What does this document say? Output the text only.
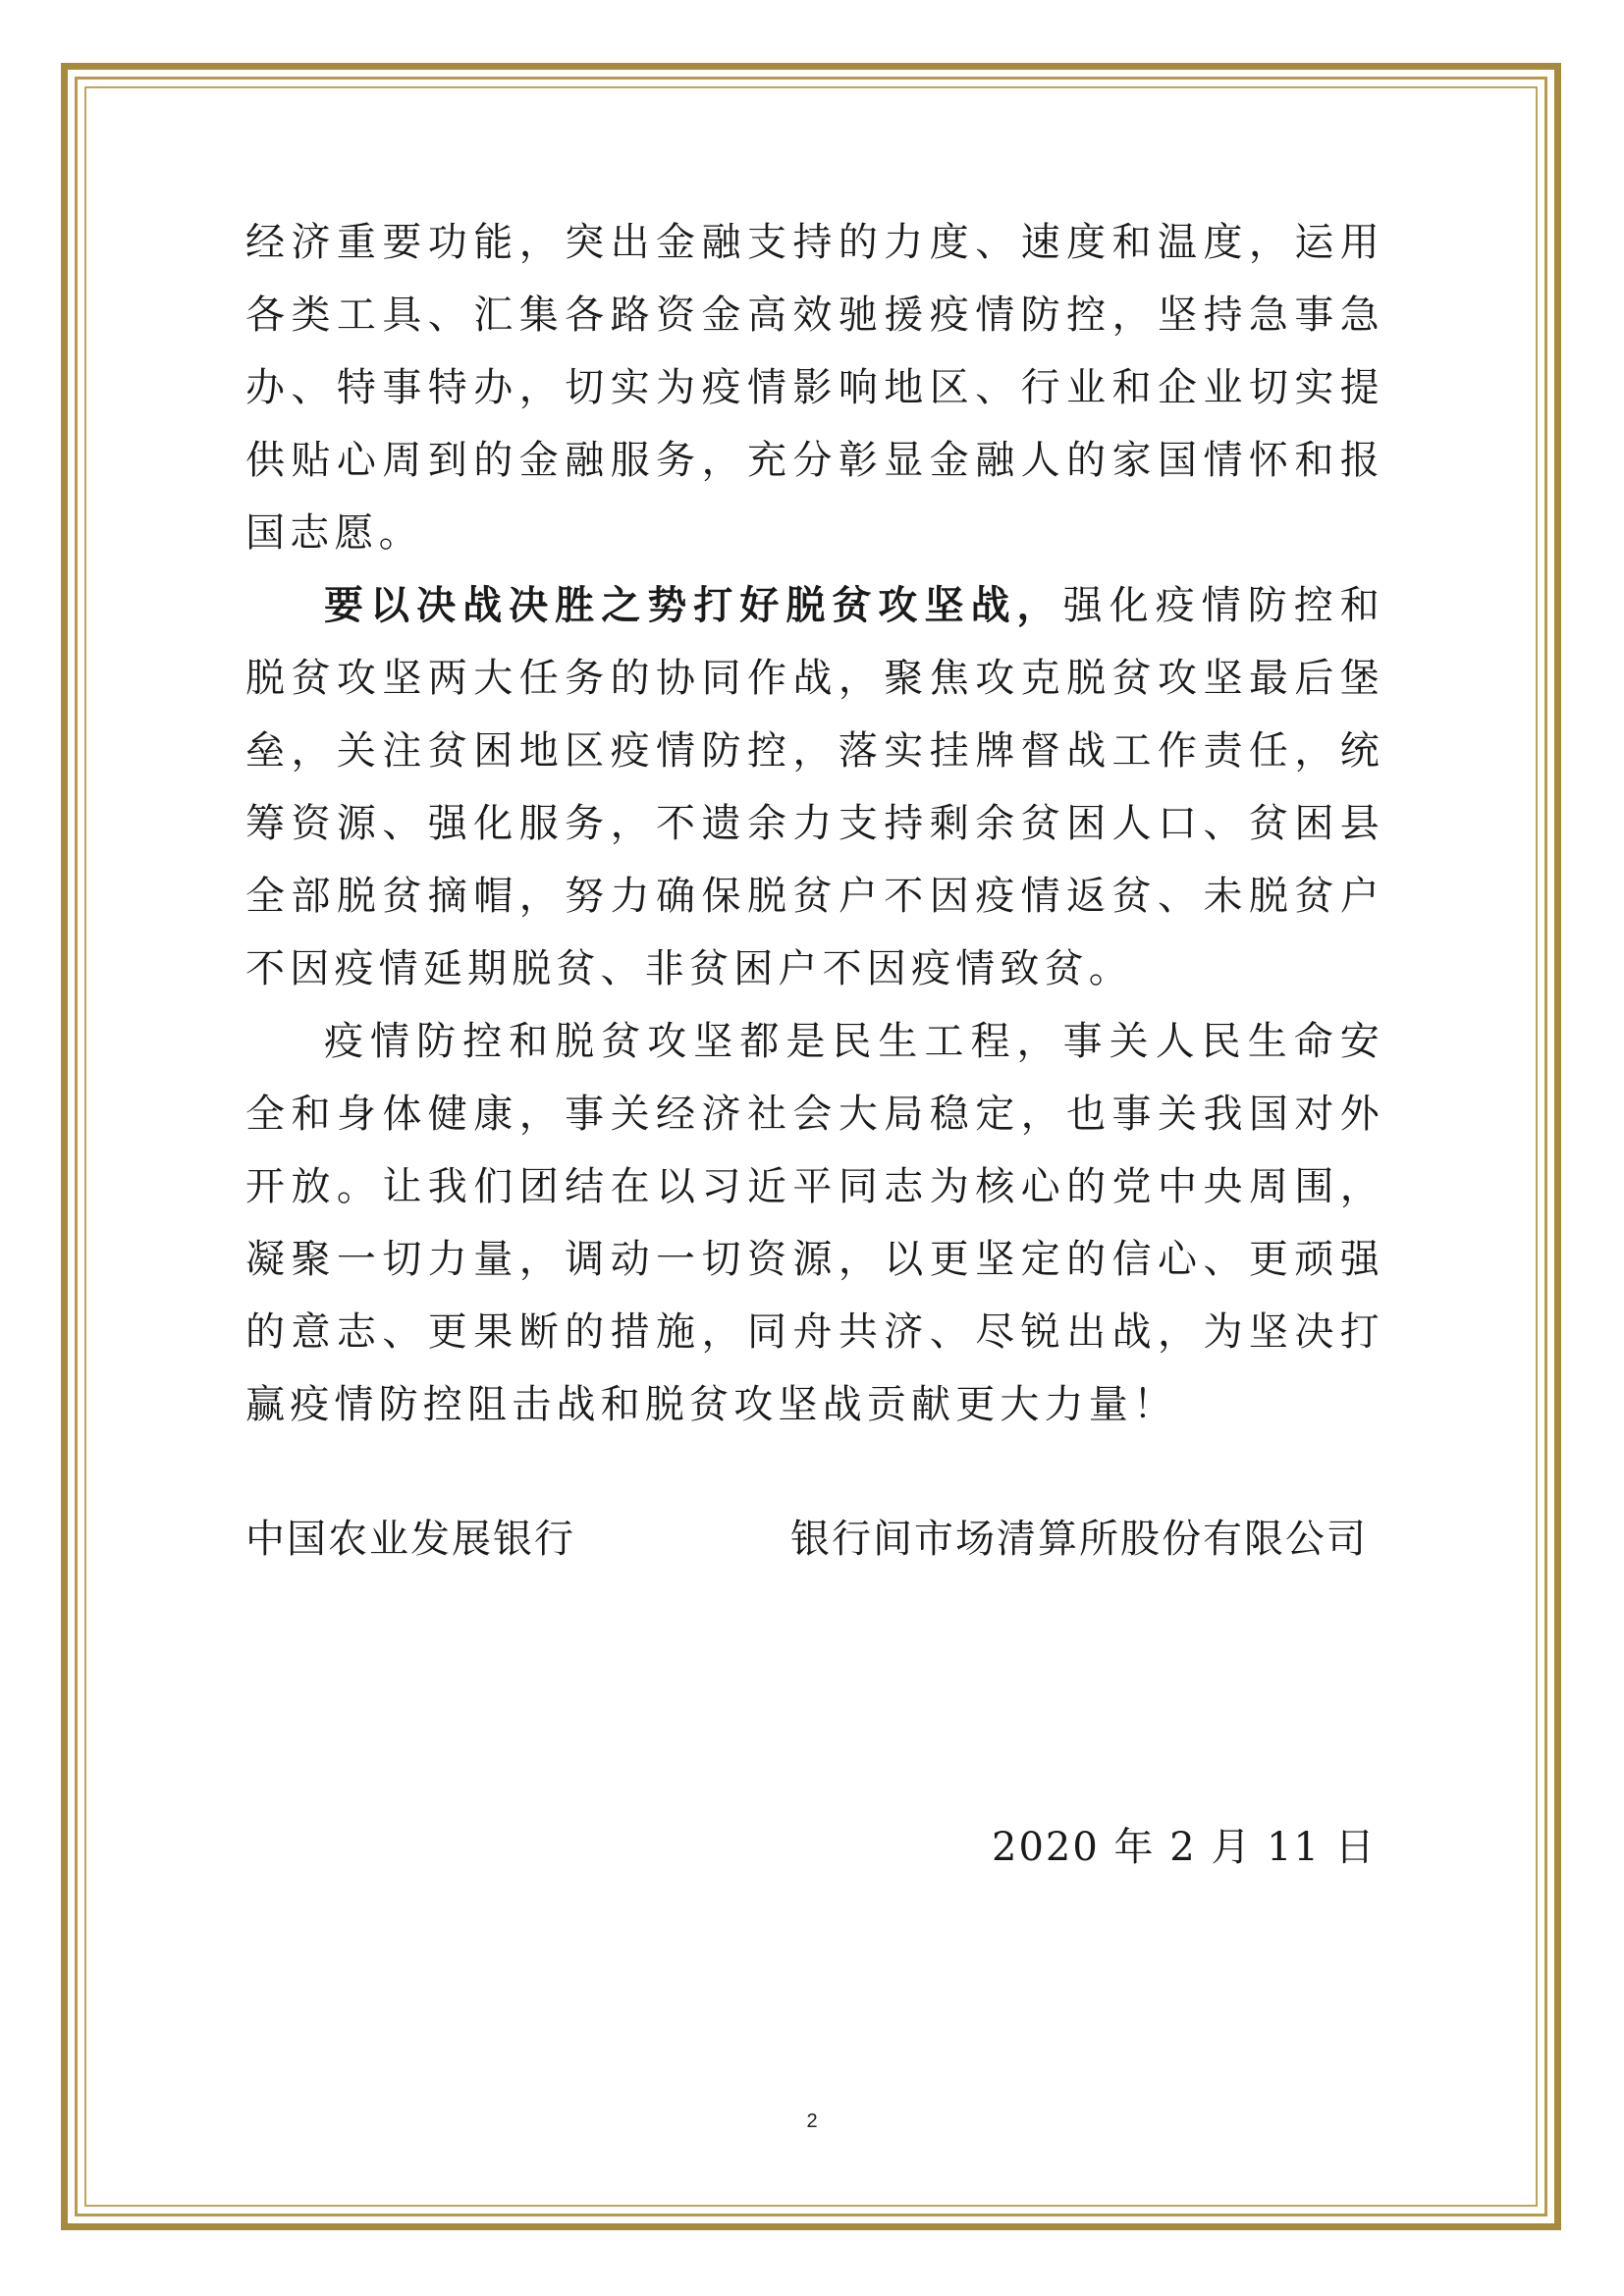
经济重要功能，突出金融支持的力度、速度和温度，运用各类工具、汇集各路资金高效驰援疫情防控，坚持急事急办、特事特办，切实为疫情影响地区、行业和企业切实提供贴心周到的金融服务，充分彰显金融人的家国情怀和报国志愿。

要以决战决胜之势打好脱贫攻坚战，强化疫情防控和脱贫攻坚两大任务的协同作战，聚焦攻克脱贫攻坚最后堡垒，关注贫困地区疫情防控，落实挂牌督战工作责任，统筹资源、强化服务，不遗余力支持剩余贫困人口、贫困县全部脱贫摘帽，努力确保脱贫户不因疫情返贫、未脱贫户不因疫情延期脱贫、非贫困户不因疫情致贫。

疫情防控和脱贫攻坚都是民生工程，事关人民生命安全和身体健康，事关经济社会大局稳定，也事关我国对外开放。让我们团结在以习近平同志为核心的党中央周围，凝聚一切力量，调动一切资源，以更坚定的信心、更顽强的意志、更果断的措施，同舟共济、尽锐出战，为坚决打赢疫情防控阻击战和脱贫攻坚战贡献更大力量！

中国农业发展银行	银行间市场清算所股份有限公司
2020 年 2 月 11 日
2
